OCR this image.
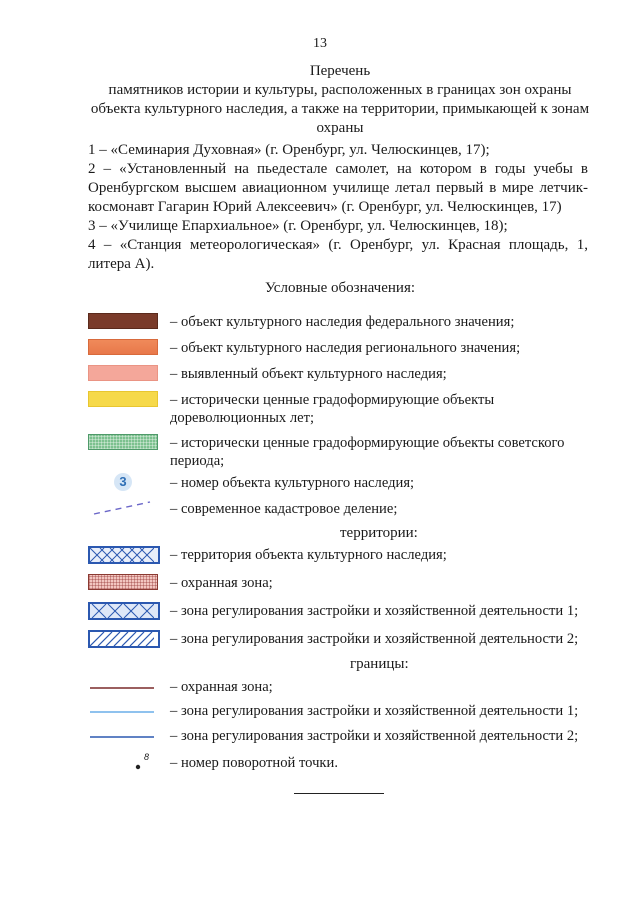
13
Перечень
памятников истории и культуры, расположенных в границах зон охраны объекта культурного наследия, а также на территории, примыкающей к зонам охраны

1 – «Семинария Духовная» (г. Оренбург, ул. Челюскинцев, 17);

2 – «Установленный на пьедестале самолет, на котором в годы учебы в Оренбургском высшем авиационном училище летал первый в мире летчик-космонавт Гагарин Юрий Алексеевич» (г. Оренбург, ул. Челюскинцев, 17)

3 – «Училище Епархиальное» (г. Оренбург, ул. Челюскинцев, 18);

4 – «Станция метеорологическая» (г. Оренбург, ул. Красная площадь, 1, литера А).

Условные обозначения:
– объект культурного наследия федерального значения;
– объект культурного наследия регионального значения;
– выявленный объект культурного наследия;
– исторически ценные градоформирующие объекты дореволюционных лет;
– исторически ценные градоформирующие объекты советского периода;
3	– номер объекта культурного наследия;
– современное кадастровое деление;
территории:
– территория объекта культурного наследия;
– охранная зона;
– зона регулирования застройки и хозяйственной деятельности 1;
– зона регулирования застройки и хозяйственной деятельности 2;
границы:
– охранная зона;
– зона регулирования застройки и хозяйственной деятельности 1;
– зона регулирования застройки и хозяйственной деятельности 2;
8 – номер поворотной точки.
